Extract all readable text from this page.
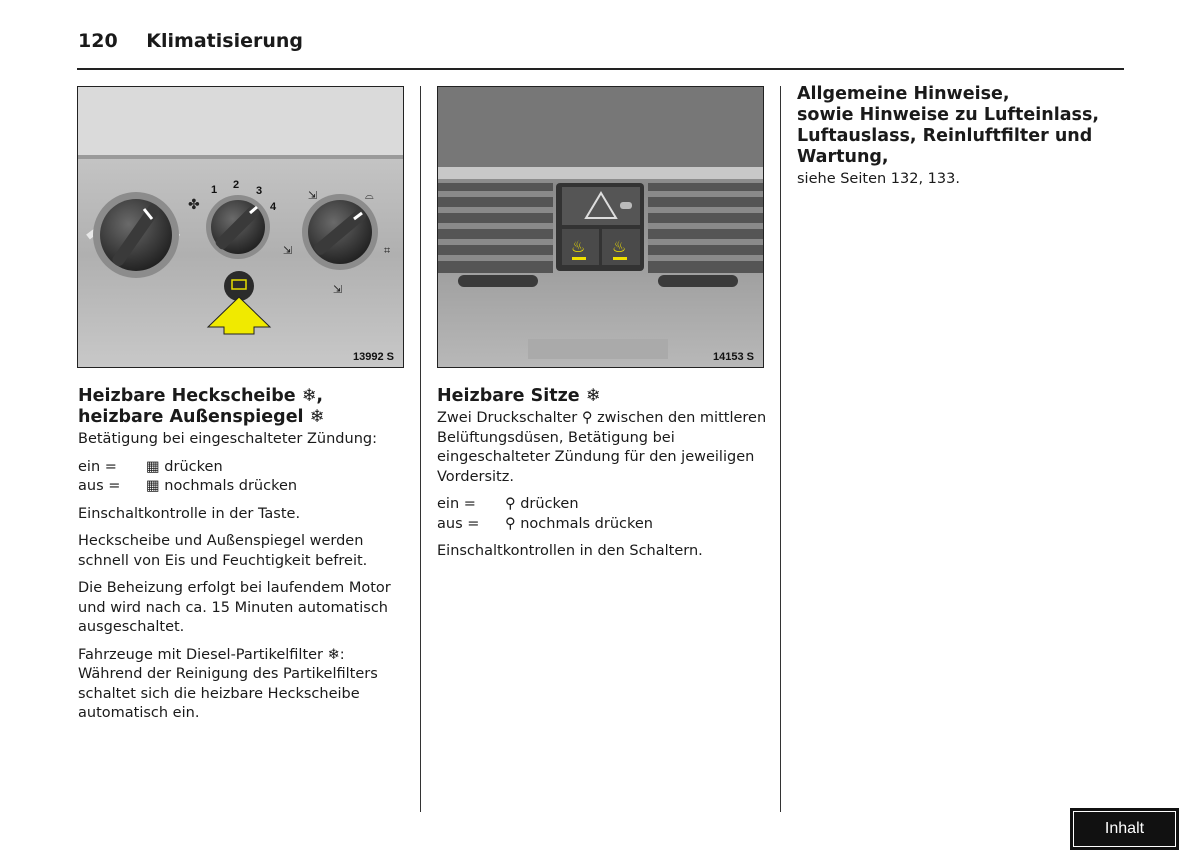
120 Klimatisierung
✤
1 2 3
4
⇲	⌓
⇲	⌗
⇲
13992 S
♨ ♨
14153 S
Heizbare Heckscheibe ❄,
heizbare Außenspiegel ❄

Betätigung bei eingeschalteter Zündung:

ein =	▦ drücken
aus =	▦ nochmals drücken

Einschaltkontrolle in der Taste.

Heckscheibe und Außenspiegel werden schnell von Eis und Feuchtigkeit befreit.

Die Beheizung erfolgt bei laufendem Motor und wird nach ca. 15 Minuten automatisch ausgeschaltet.

Fahrzeuge mit Diesel-Partikelfilter ❄: Während der Reinigung des Partikelfilters schaltet sich die heizbare Heckscheibe automatisch ein.

Heizbare Sitze ❄

Zwei Druckschalter ⚲ zwischen den mittleren Belüftungsdüsen, Betätigung bei eingeschalteter Zündung für den jeweiligen Vordersitz.

ein =	⚲ drücken
aus =	⚲ nochmals drücken

Einschaltkontrollen in den Schaltern.

Allgemeine Hinweise,
sowie Hinweise zu Lufteinlass,
Luftauslass, Reinluftfilter und
Wartung,

siehe Seiten 132, 133.

Inhalt
